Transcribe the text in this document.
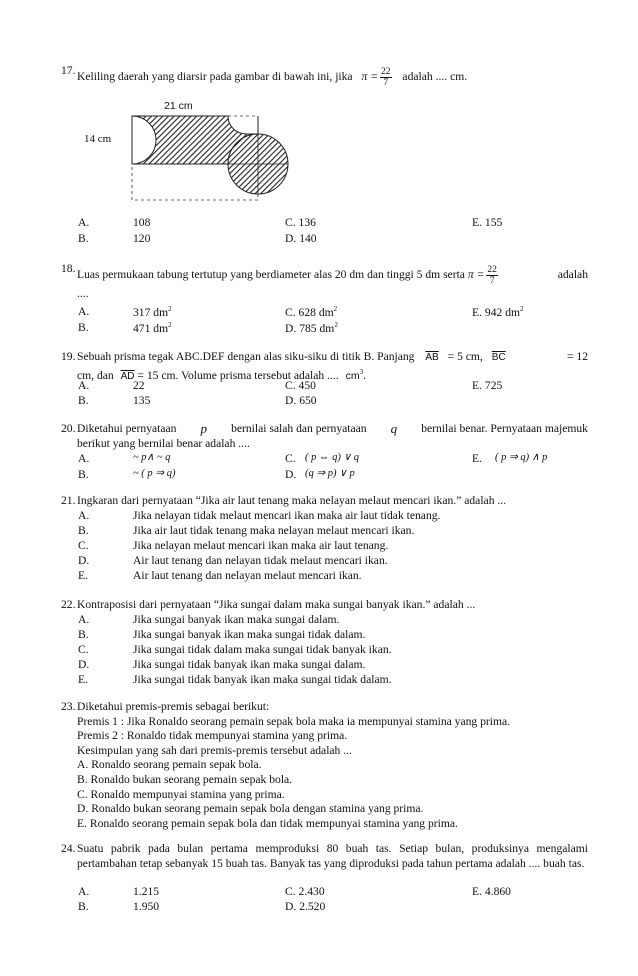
17. Keliling daerah yang diarsir pada gambar di bawah ini, jika $\pi = \frac{22}{7}$ adalah .... cm.
21 cm
14 cm
A.	108
B.	120
C. 136
D. 140
E. 155
18. Luas permukaan tabung tertutup yang berdiameter alas 20 dm dan tinggi 5 dm serta $\pi = \frac{22}{7}$	adalah
....
A.	317 $dm^2$
B.	471 $dm^2$
C. 628 $dm^2$
D. 785 $dm^2$
E. 942 $dm^2$
19. Sebuah prisma tegak ABC.DEF dengan alas siku-siku di titik B. Panjang $\overline{AB} = 5$ cm, $\overline{BC}$	= 12
cm, dan $\overline{AD} = 15$ cm. Volume prisma tersebut adalah .... $cm^3$.
A.	22
B.	135
C. 450
D. 650
E. 725
20. Diketahui pernyataan p bernilai salah dan pernyataan q bernilai benar. Pernyataan majemuk
berikut yang bernilai benar adalah ....
A.	~ p∧ ~ q
B.	~ ( p ⇒ q)
C. ( p ⇔ q) ∨ q
D. (q ⇒ p) ∨ p
E. ( p ⇒ q) ∧ p
21. Ingkaran dari pernyataan “Jika air laut tenang maka nelayan melaut mencari ikan.” adalah ...
A.	Jika nelayan tidak melaut mencari ikan maka air laut tidak tenang.
B.	Jika air laut tidak tenang maka nelayan melaut mencari ikan.
C.	Jika nelayan melaut mencari ikan maka air laut tenang.
D.	Air laut tenang dan nelayan tidak melaut mencari ikan.
E.	Air laut tenang dan nelayan melaut mencari ikan.
22. Kontraposisi dari pernyataan “Jika sungai dalam maka sungai banyak ikan.” adalah ...
A.	Jika sungai banyak ikan maka sungai dalam.
B.	Jika sungai banyak ikan maka sungai tidak dalam.
C.	Jika sungai tidak dalam maka sungai tidak banyak ikan.
D.	Jika sungai tidak banyak ikan maka sungai dalam.
E.	Jika sungai tidak banyak ikan maka sungai tidak dalam.
23. Diketahui premis-premis sebagai berikut:
Premis 1 : Jika Ronaldo seorang pemain sepak bola maka ia mempunyai stamina yang prima.
Premis 2 : Ronaldo tidak mempunyai stamina yang prima.
Kesimpulan yang sah dari premis-premis tersebut adalah ...
A. Ronaldo seorang pemain sepak bola.
B. Ronaldo bukan seorang pemain sepak bola.
C. Ronaldo mempunyai stamina yang prima.
D. Ronaldo bukan seorang pemain sepak bola dengan stamina yang prima.
E. Ronaldo seorang pemain sepak bola dan tidak mempunyai stamina yang prima.
24. Suatu pabrik pada bulan pertama memproduksi 80 buah tas. Setiap bulan, produksinya mengalami pertambahan tetap sebanyak 15 buah tas. Banyak tas yang diproduksi pada tahun pertama adalah .... buah tas.
A.	1.215
B.	1.950
C. 2.430
D. 2.520
E. 4.860
